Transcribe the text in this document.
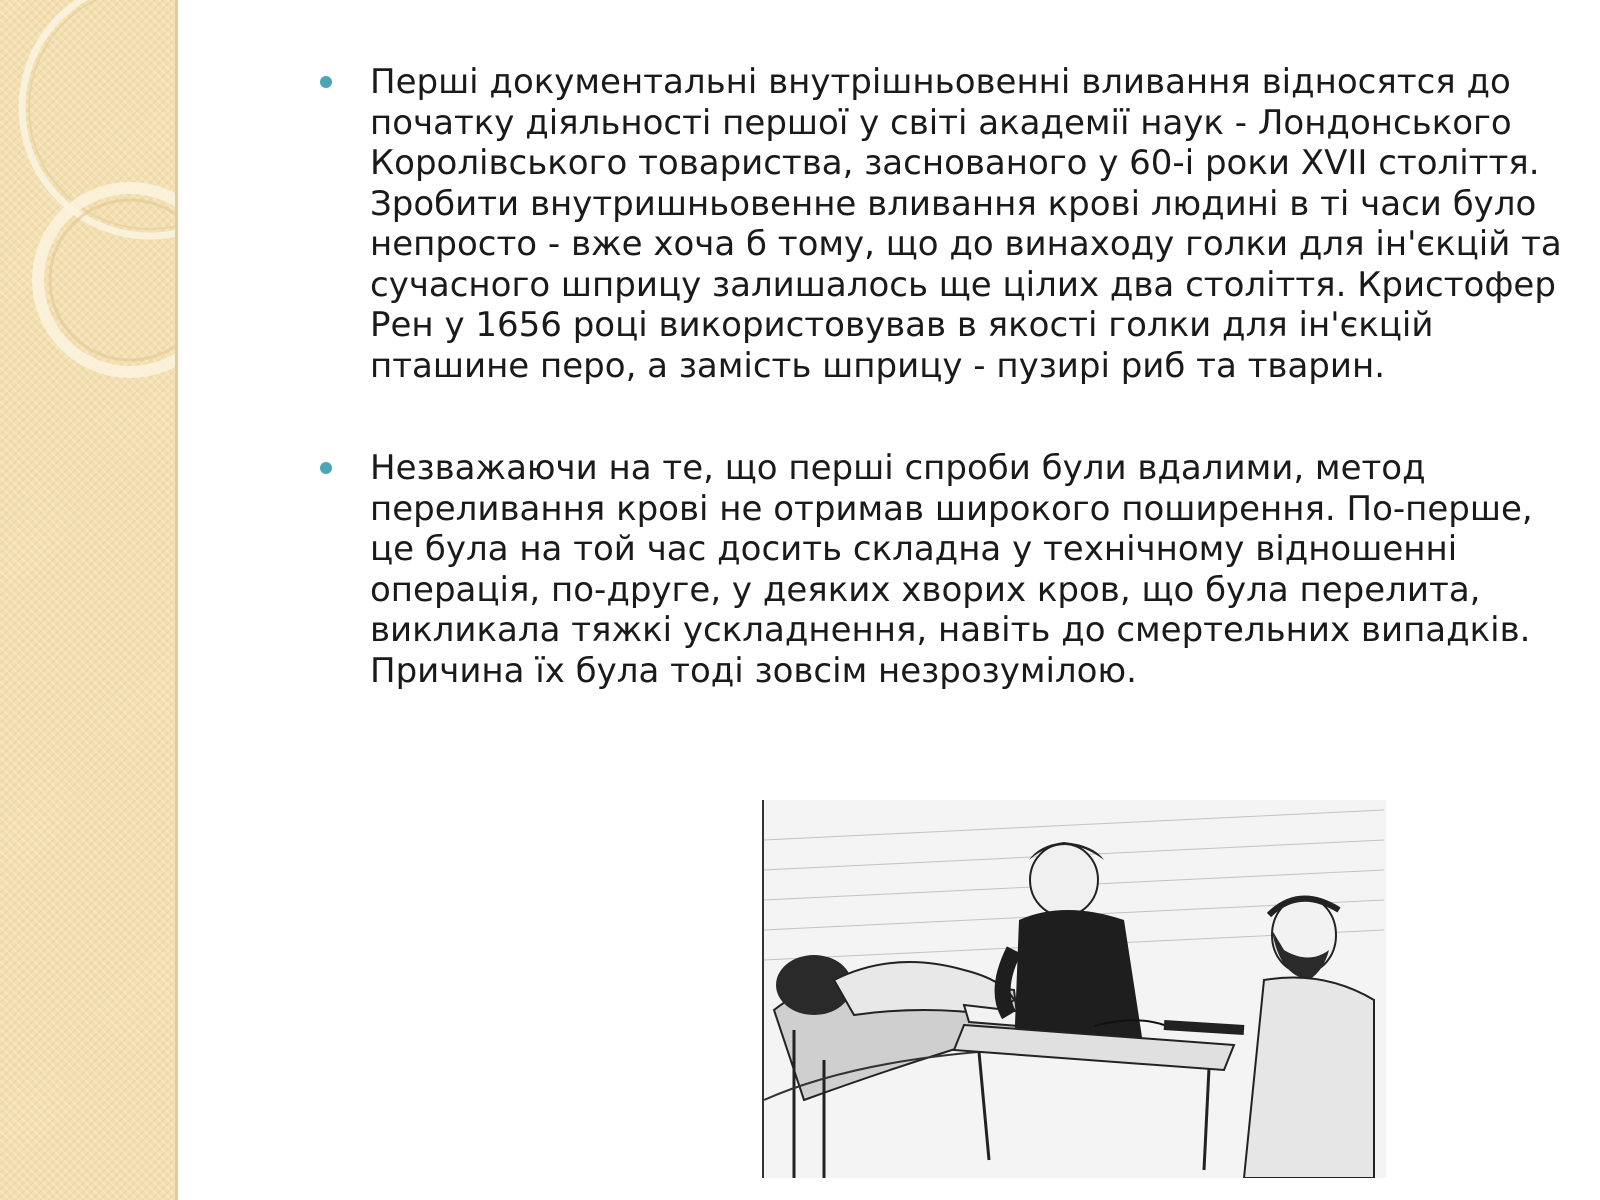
Перші документальні внутрішньовенні вливання відносятся до початку діяльності першої у світі академії наук - Лондонського Королівського товариства, заснованого у 60-і роки XVII століття. Зробити внутришньовенне вливання крові людині в ті часи було непросто - вже хоча б тому, що до винаходу голки для ін'єкцій та сучасного шприцу залишалось ще цілих два століття. Кристофер Рен у 1656 році використовував в якості голки для ін'єкцій пташине перо, а замість шприцу - пузирі риб та тварин.
Незважаючи на те, що перші спроби були вдалими, метод переливання крові не отримав широкого поширення. По-перше, це була на той час досить складна у технічному відношенні операція, по-друге, у деяких хворих кров, що була перелита, викликала тяжкі ускладнення, навіть до смертельних випадків. Причина їх була тоді зовсім незрозумілою.
